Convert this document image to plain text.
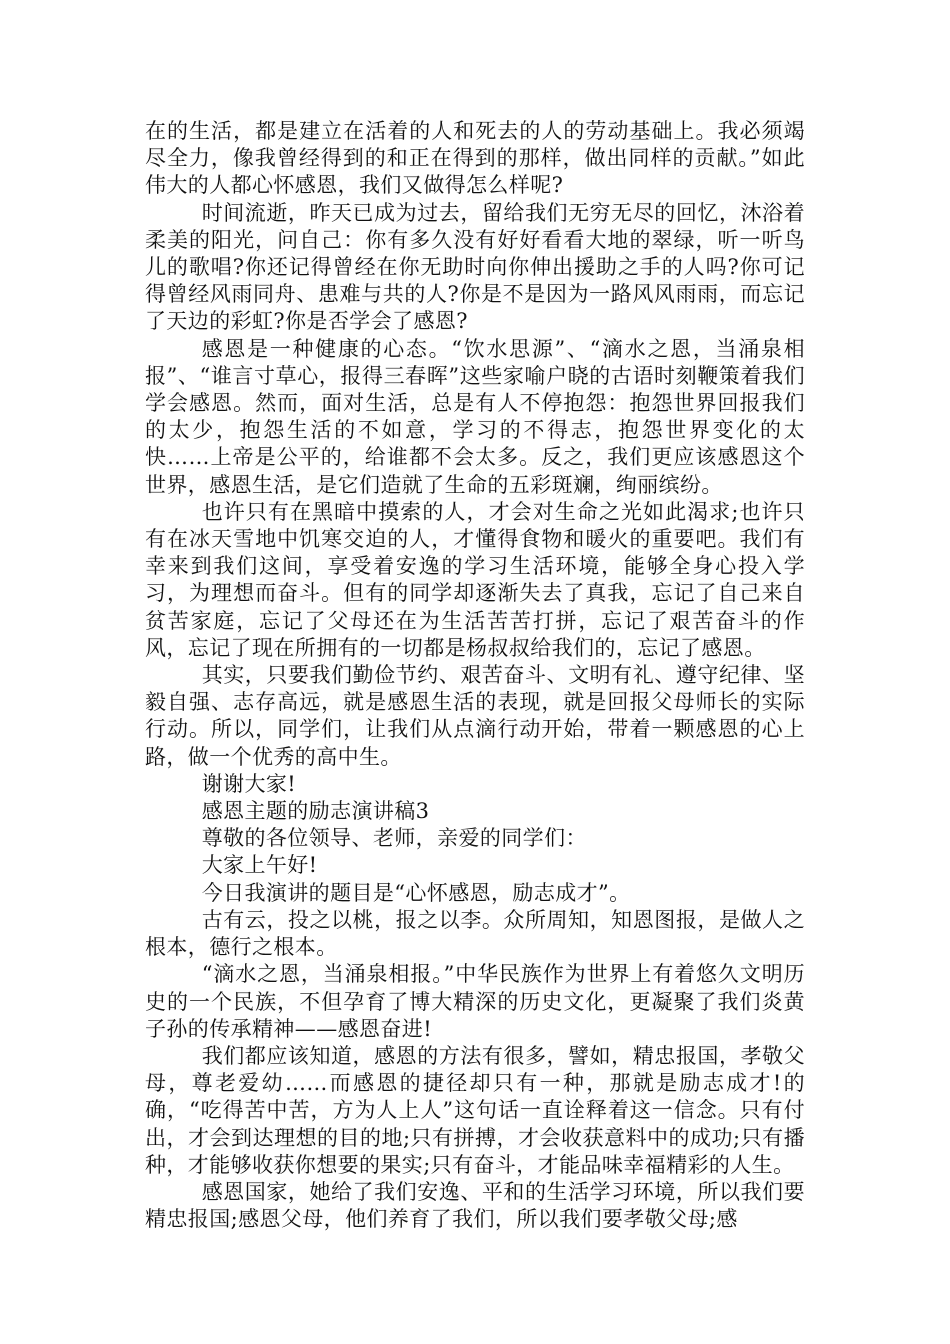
在的生活，都是建立在活着的人和死去的人的劳动基础上。我必须竭尽全力，像我曾经得到的和正在得到的那样，做出同样的贡献。”如此伟大的人都心怀感恩，我们又做得怎么样呢?

时间流逝，昨天已成为过去，留给我们无穷无尽的回忆，沐浴着柔美的阳光，问自己：你有多久没有好好看看大地的翠绿，听一听鸟儿的歌唱?你还记得曾经在你无助时向你伸出援助之手的人吗?你可记得曾经风雨同舟、患难与共的人?你是不是因为一路风风雨雨，而忘记了天边的彩虹?你是否学会了感恩?

感恩是一种健康的心态。“饮水思源”、“滴水之恩，当涌泉相报”、“谁言寸草心，报得三春晖”这些家喻户晓的古语时刻鞭策着我们学会感恩。然而，面对生活，总是有人不停抱怨：抱怨世界回报我们的太少，抱怨生活的不如意，学习的不得志，抱怨世界变化的太快……上帝是公平的，给谁都不会太多。反之，我们更应该感恩这个世界，感恩生活，是它们造就了生命的五彩斑斓，绚丽缤纷。

也许只有在黑暗中摸索的人，才会对生命之光如此渴求;也许只有在冰天雪地中饥寒交迫的人，才懂得食物和暖火的重要吧。我们有幸来到我们这间，享受着安逸的学习生活环境，能够全身心投入学习，为理想而奋斗。但有的同学却逐渐失去了真我，忘记了自己来自贫苦家庭，忘记了父母还在为生活苦苦打拼，忘记了艰苦奋斗的作风，忘记了现在所拥有的一切都是杨叔叔给我们的，忘记了感恩。

其实，只要我们勤俭节约、艰苦奋斗、文明有礼、遵守纪律、坚毅自强、志存高远，就是感恩生活的表现，就是回报父母师长的实际行动。所以，同学们，让我们从点滴行动开始，带着一颗感恩的心上路，做一个优秀的高中生。

谢谢大家!

感恩主题的励志演讲稿3

尊敬的各位领导、老师，亲爱的同学们：

大家上午好!

今日我演讲的题目是“心怀感恩，励志成才”。

古有云，投之以桃，报之以李。众所周知，知恩图报，是做人之根本，德行之根本。

“滴水之恩，当涌泉相报。”中华民族作为世界上有着悠久文明历史的一个民族，不但孕育了博大精深的历史文化，更凝聚了我们炎黄子孙的传承精神——感恩奋进!

我们都应该知道，感恩的方法有很多，譬如，精忠报国，孝敬父母，尊老爱幼……而感恩的捷径却只有一种，那就是励志成才!的确，“吃得苦中苦，方为人上人”这句话一直诠释着这一信念。只有付出，才会到达理想的目的地;只有拼搏，才会收获意料中的成功;只有播种，才能够收获你想要的果实;只有奋斗，才能品味幸福精彩的人生。

感恩国家，她给了我们安逸、平和的生活学习环境，所以我们要精忠报国;感恩父母，他们养育了我们，所以我们要孝敬父母;感
